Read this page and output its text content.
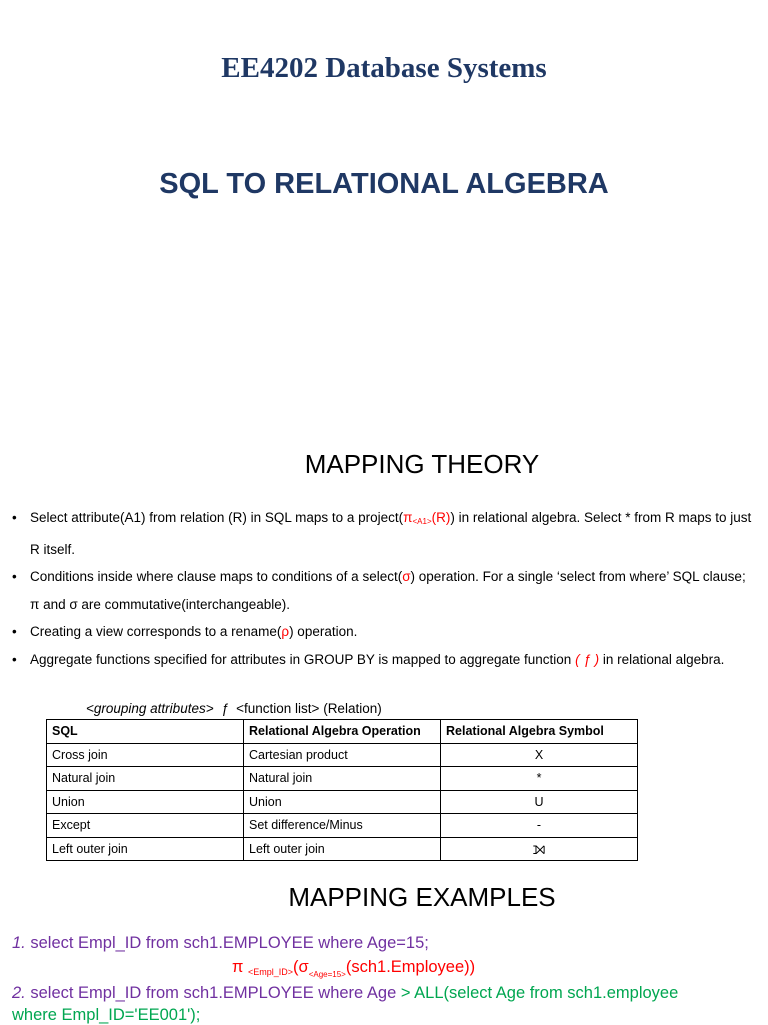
EE4202 Database Systems
SQL TO RELATIONAL ALGEBRA
MAPPING THEORY
• Select attribute(A1) from relation (R) in SQL maps to a $project(\pi_{<A1>}(R))$ in relational algebra. Select * from R maps to just R itself.
• Conditions inside where clause maps to conditions of a select(σ) operation. For a single ‘select from where’ SQL clause; π and σ are commutative(interchangeable).
• Creating a view corresponds to a rename(ρ) operation.
• Aggregate functions specified for attributes in GROUP BY is mapped to aggregate function ( ƒ ) in relational algebra.
<grouping attributes> ƒ <function list> (Relation)
SQL	Relational Algebra Operation	Relational Algebra Symbol
Cross join	Cartesian product	X
Natural join	Natural join	*
Union	Union	U
Except	Set difference/Minus	-
Left outer join	Left outer join	⟕
MAPPING EXAMPLES
1. select Empl_ID from sch1.EMPLOYEE where Age=15;
$\pi <Empl\_ID>(\sigma_{<Age=15>}(sch1.Employee))$
2. select Empl_ID from sch1.EMPLOYEE where Age > ALL(select Age from sch1.employee
where Empl_ID='EE001');
